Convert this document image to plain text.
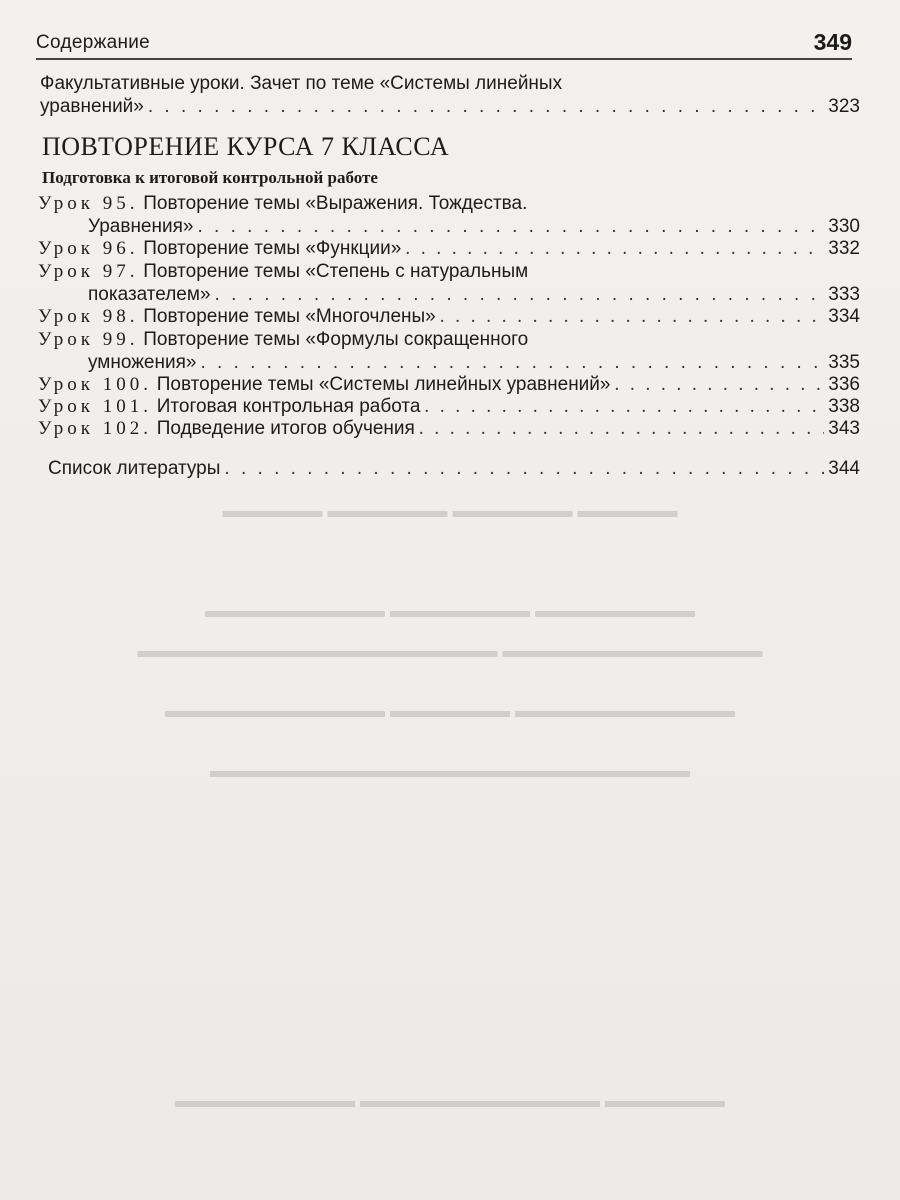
▬▬▬▬▬ ▬▬▬▬▬▬ ▬▬▬▬▬▬ ▬▬▬▬▬
▬▬▬▬▬▬▬▬ ▬▬▬▬▬▬▬ ▬▬▬▬▬▬▬▬▬
▬▬▬▬▬▬▬▬▬▬▬▬▬ ▬▬▬▬▬▬▬▬▬▬▬▬▬▬▬▬▬▬
▬▬▬▬▬▬▬▬▬▬▬ ▬▬▬▬▬▬ ▬▬▬▬▬▬▬▬▬▬▬
▬▬▬▬▬▬▬▬▬▬▬▬▬▬▬▬▬▬▬▬▬▬▬▬
▬▬▬▬▬▬ ▬▬▬▬▬▬▬▬▬▬▬▬ ▬▬▬▬▬▬▬▬▬
Содержание	349
Факультативные уроки. Зачет по теме «Системы линейных
уравнений» . . .	323
ПОВТОРЕНИЕ КУРСА 7 КЛАССА
Подготовка к итоговой контрольной работе
Урок 95. Повторение темы «Выражения. Тождества.
Уравнения» . . .	330
Урок 96. Повторение темы «Функции» . . .	332
Урок 97. Повторение темы «Степень с натуральным
показателем» . . .	333
Урок 98. Повторение темы «Многочлены» . . .	334
Урок 99. Повторение темы «Формулы сокращенного
умножения» . . .	335
Урок 100. Повторение темы «Системы линейных уравнений» . . .	336
Урок 101. Итоговая контрольная работа . . .	338
Урок 102. Подведение итогов обучения . . .	343
Список литературы . . .	344
